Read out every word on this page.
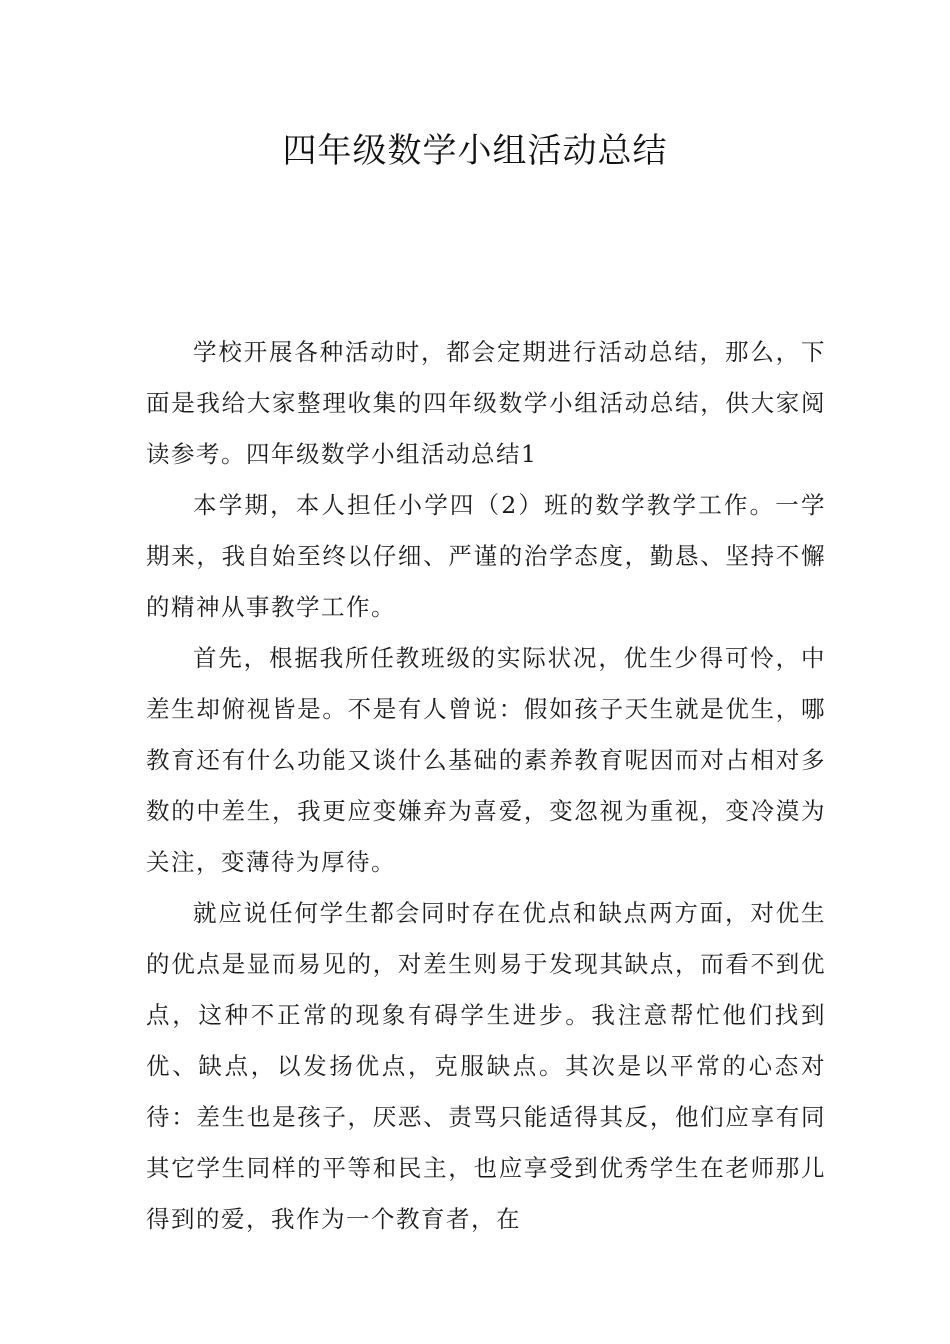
四年级数学小组活动总结

学校开展各种活动时，都会定期进行活动总结，那么，下面是我给大家整理收集的四年级数学小组活动总结，供大家阅读参考。四年级数学小组活动总结1

本学期，本人担任小学四（2）班的数学教学工作。一学期来，我自始至终以仔细、严谨的治学态度，勤恳、坚持不懈的精神从事教学工作。

首先，根据我所任教班级的实际状况，优生少得可怜，中差生却俯视皆是。不是有人曾说：假如孩子天生就是优生，哪教育还有什么功能又谈什么基础的素养教育呢因而对占相对多数的中差生，我更应变嫌弃为喜爱，变忽视为重视，变冷漠为关注，变薄待为厚待。

就应说任何学生都会同时存在优点和缺点两方面，对优生的优点是显而易见的，对差生则易于发现其缺点，而看不到优点，这种不正常的现象有碍学生进步。我注意帮忙他们找到优、缺点，以发扬优点，克服缺点。其次是以平常的心态对待：差生也是孩子，厌恶、责骂只能适得其反，他们应享有同其它学生同样的平等和民主，也应享受到优秀学生在老师那儿得到的爱，我作为一个教育者，在
